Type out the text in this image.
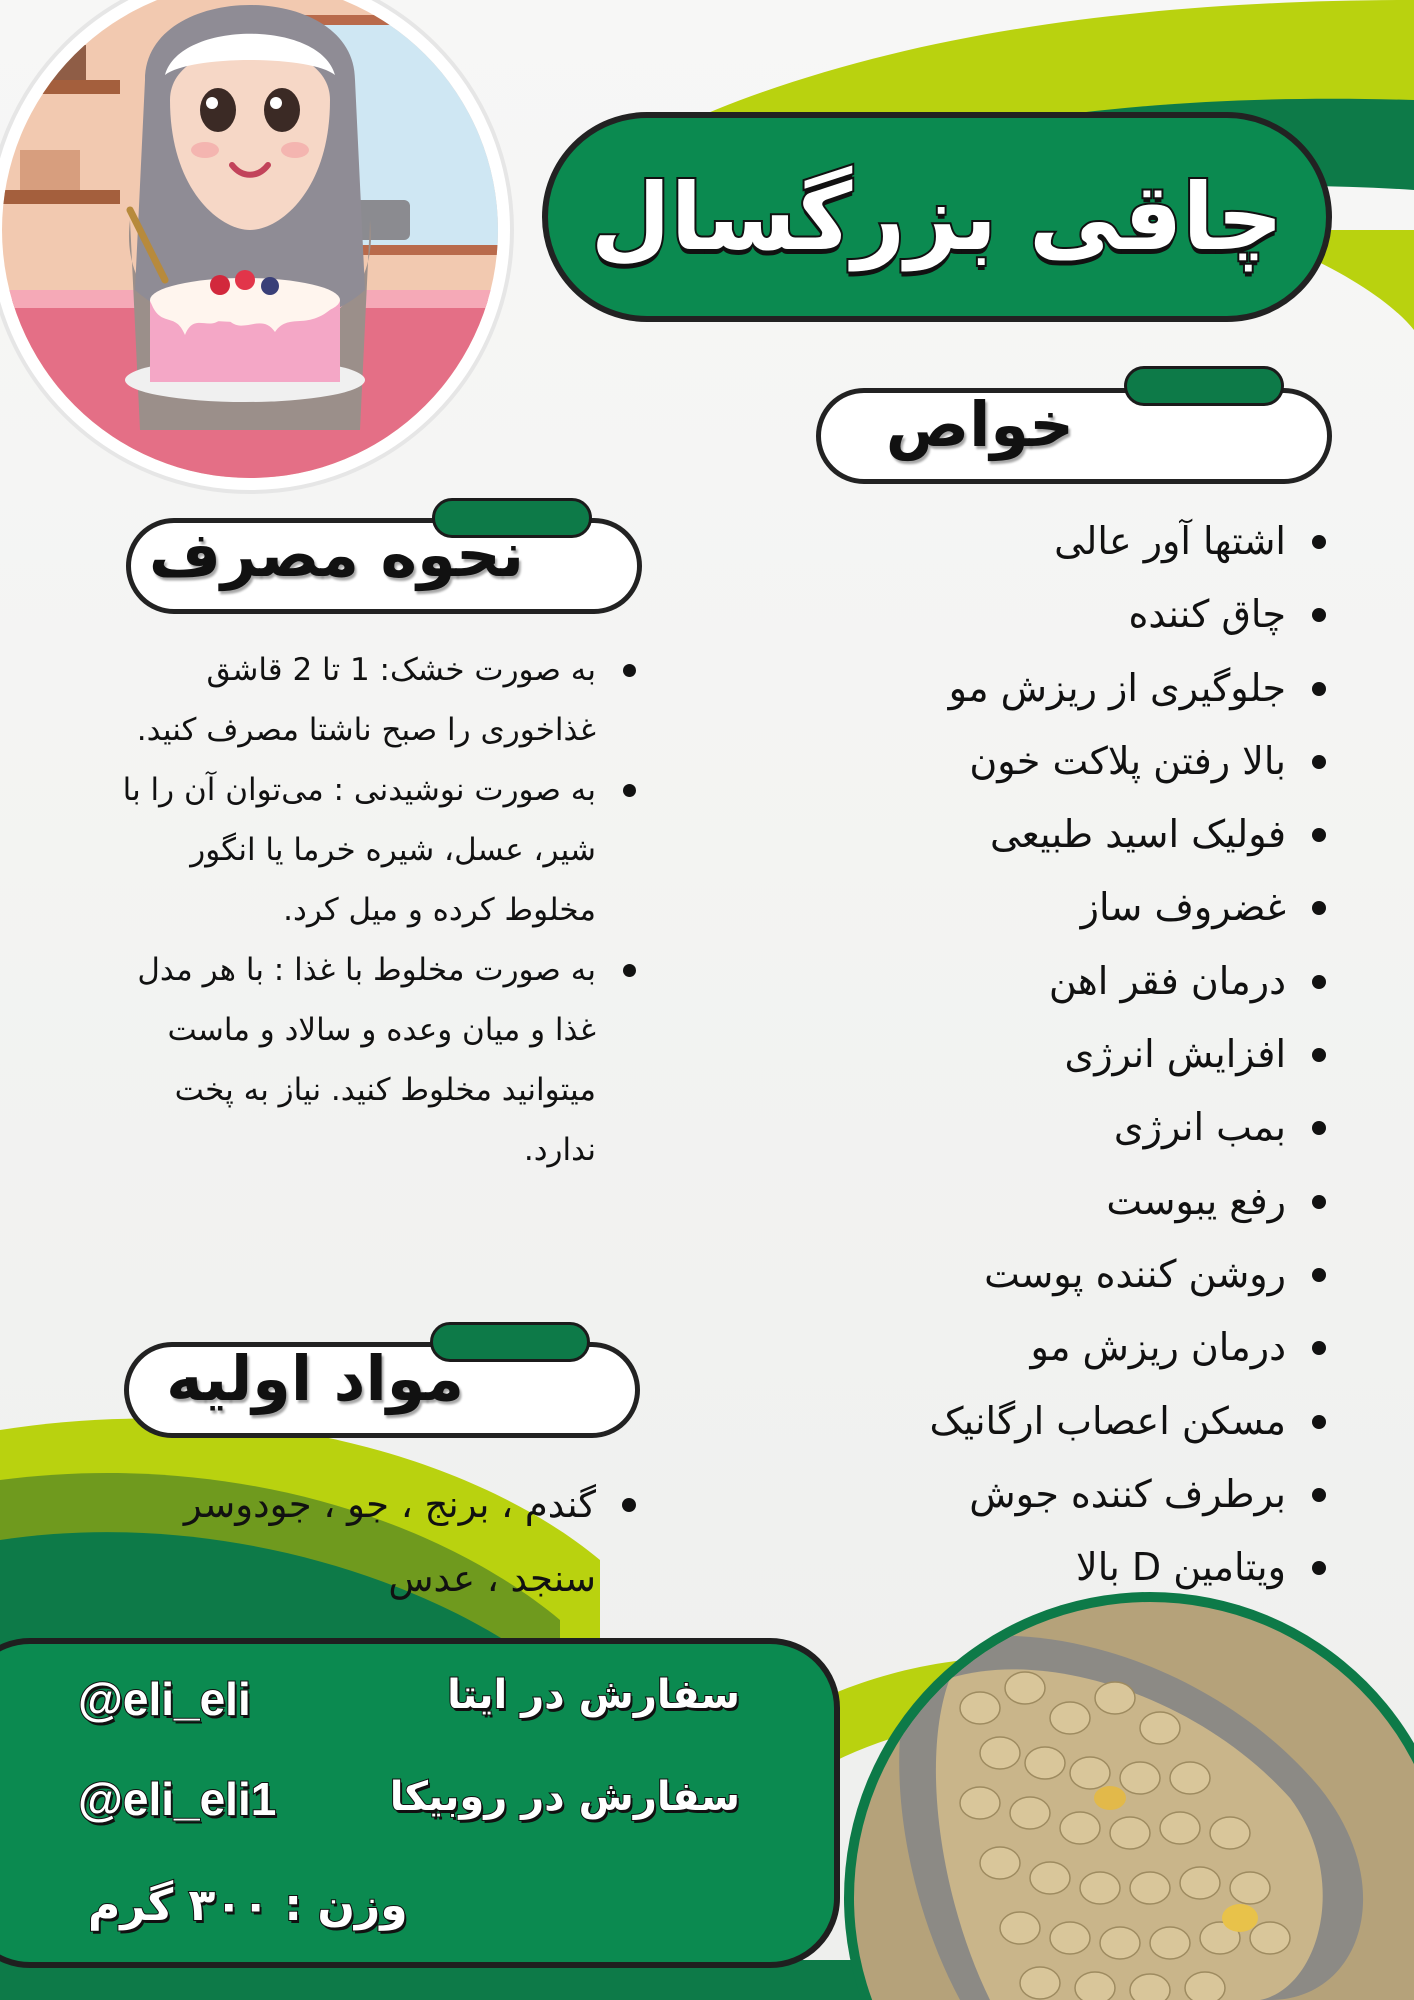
چاقی بزرگسال
خواص
اشتها آور عالی
چاق کننده
جلوگیری از ریزش مو
بالا رفتن پلاکت خون
فولیک اسید طبیعی
غضروف ساز
درمان فقر اهن
افزایش انرژی
بمب انرژی
رفع یبوست
روشن کننده پوست
درمان ریزش مو
مسکن اعصاب ارگانیک
برطرف کننده جوش
ویتامین D بالا
نحوه مصرف
به صورت خشک: 1 تا 2 قاشق غذاخوری را صبح ناشتا مصرف کنید.
به صورت نوشیدنی : می‌توان آن را با شیر، عسل، شیره خرما یا انگور مخلوط کرده و میل کرد.
به صورت مخلوط با غذا : با هر مدل غذا و میان وعده و سالاد و ماست میتوانید مخلوط کنید. نیاز به پخت ندارد.
مواد اولیه
گندم ، برنج ، جو ، جودوسر سنجد ، عدس
سفارش در ایتا
@eli_eli
سفارش در روبیکا
@eli_eli1
وزن : ۳۰۰ گرم
